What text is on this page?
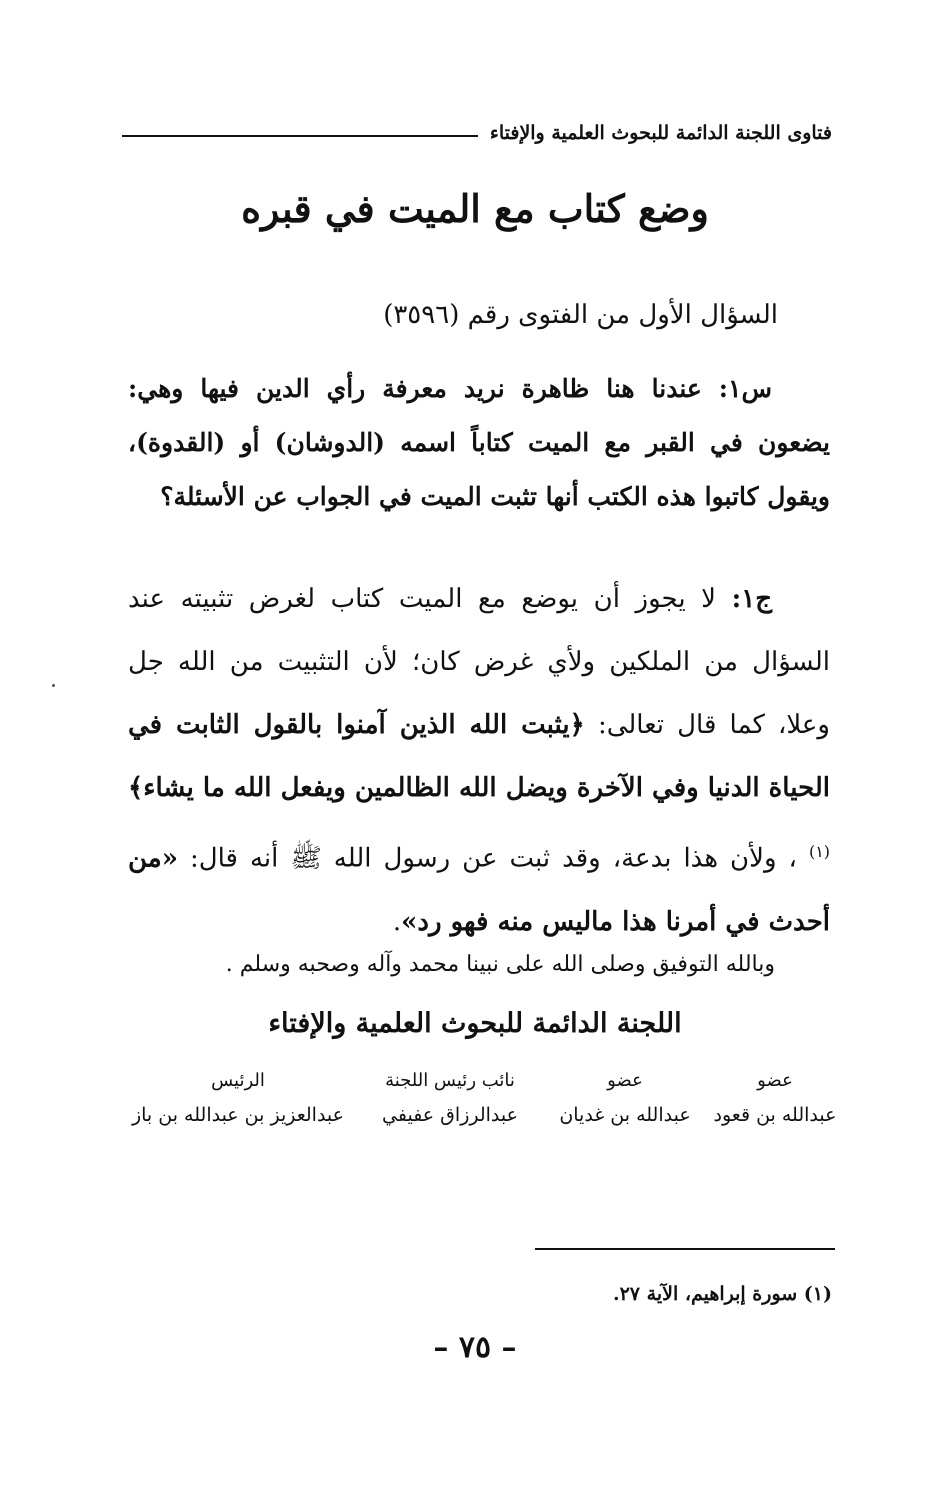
فتاوى اللجنة الدائمة للبحوث العلمية والإفتاء
وضع كتاب مع الميت في قبره
السؤال الأول من الفتوى رقم (٣٥٩٦)
س١: عندنا هنا ظاهرة نريد معرفة رأي الدين فيها وهي: يضعون في القبر مع الميت كتاباً اسمه (الدوشان) أو (القدوة)، ويقول كاتبوا هذه الكتب أنها تثبت الميت في الجواب عن الأسئلة؟
ج١: لا يجوز أن يوضع مع الميت كتاب لغرض تثبيته عند السؤال من الملكين ولأي غرض كان؛ لأن التثبيت من الله جل وعلا، كما قال تعالى: ﴿يثبت الله الذين آمنوا بالقول الثابت في الحياة الدنيا وفي الآخرة ويضل الله الظالمين ويفعل الله ما يشاء﴾$^{(١)}$ ، ولأن هذا بدعة، وقد ثبت عن رسول الله ﷺ أنه قال: «من أحدث في أمرنا هذا ماليس منه فهو رد».
وبالله التوفيق وصلى الله على نبينا محمد وآله وصحبه وسلم .
اللجنة الدائمة للبحوث العلمية والإفتاء
عضو
عبدالله بن قعود
عضو
عبدالله بن غديان
نائب رئيس اللجنة
عبدالرزاق عفيفي
الرئيس
عبدالعزيز بن عبدالله بن باز
(١) سورة إبراهيم، الآية ٢٧.
– ٧٥ –
